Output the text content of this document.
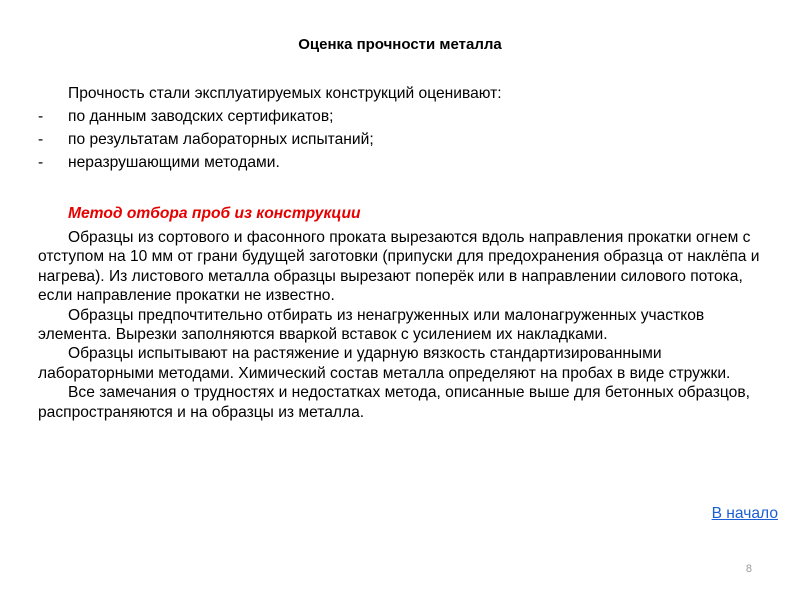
Оценка прочности металла
Прочность стали эксплуатируемых конструкций оценивают:
- по данным заводских сертификатов;
- по результатам лабораторных испытаний;
- неразрушающими методами.
Метод отбора проб из конструкции

Образцы из сортового и фасонного проката вырезаются вдоль направления прокатки огнем с отступом на 10 мм от грани будущей заготовки (припуски для предохранения образца от наклёпа и нагрева). Из листового металла образцы вырезают поперёк или в направлении силового потока, если направление прокатки не известно.

Образцы предпочтительно отбирать из ненагруженных или малонагруженных участков элемента. Вырезки заполняются вваркой вставок с усилением их накладками.

Образцы испытывают на растяжение и ударную вязкость стандартизированными лабораторными методами. Химический состав металла определяют на пробах в виде стружки.

Все замечания о трудностях и недостатках метода, описанные выше для бетонных образцов, распространяются и на образцы из металла.

В начало
8
